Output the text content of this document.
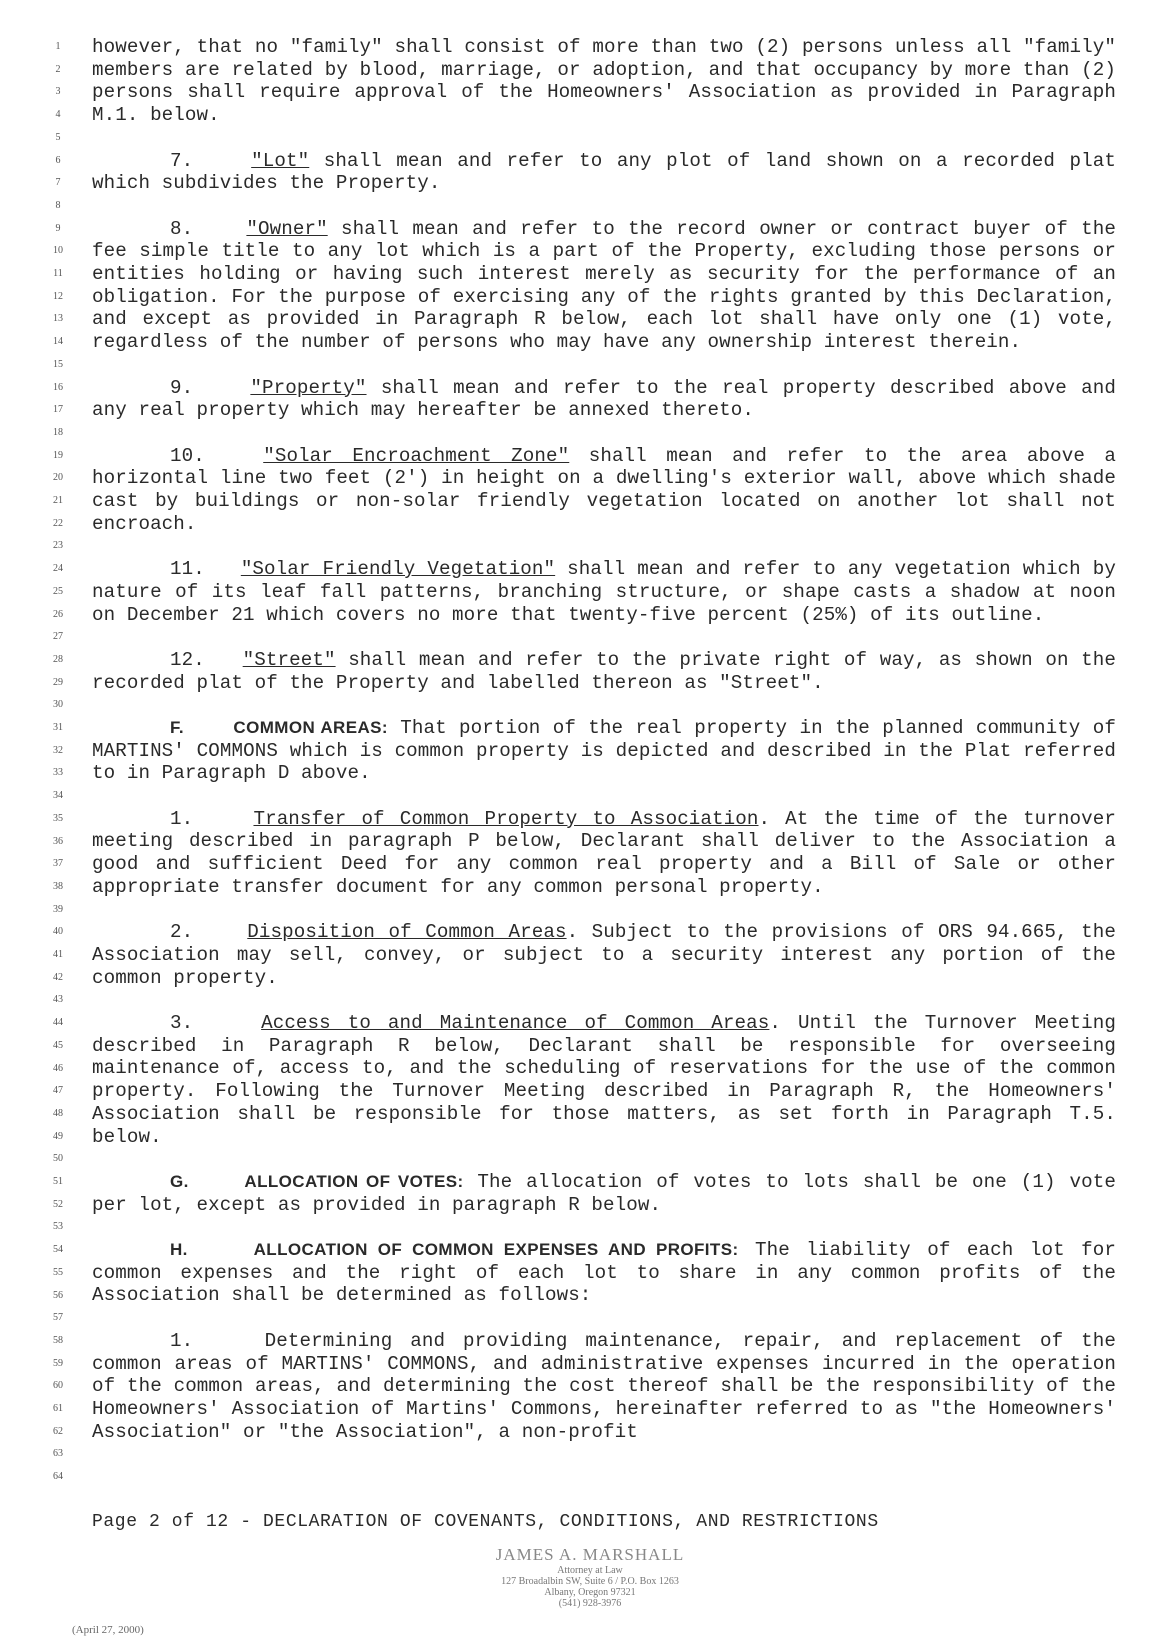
1
2
3
4
5
6
7
8
9
10
11
12
13
14
15
16
17
18
19
20
21
22
23
24
25
26
27
28
29
30
31
32
33
34
35
36
37
38
39
40
41
42
43
44
45
46
47
48
49
50
51
52
53
54
55
56
57
58
59
60
61
62
63
64

however, that no "family" shall consist of more than two (2) persons unless all "family" members are related by blood, marriage, or adoption, and that occupancy by more than (2) persons shall require approval of the Homeowners' Association as provided in Paragraph M.1. below.

7.	"Lot" shall mean and refer to any plot of land shown on a recorded plat which subdivides the Property.

8.	"Owner" shall mean and refer to the record owner or contract buyer of the fee simple title to any lot which is a part of the Property, excluding those persons or entities holding or having such interest merely as security for the performance of an obligation. For the purpose of exercising any of the rights granted by this Declaration, and except as provided in Paragraph R below, each lot shall have only one (1) vote, regardless of the number of persons who may have any ownership interest therein.

9.	"Property" shall mean and refer to the real property described above and any real property which may hereafter be annexed thereto.

10.	"Solar Encroachment Zone" shall mean and refer to the area above a horizontal line two feet (2') in height on a dwelling's exterior wall, above which shade cast by buildings or non-solar friendly vegetation located on another lot shall not encroach.

11. "Solar Friendly Vegetation" shall mean and refer to any vegetation which by nature of its leaf fall patterns, branching structure, or shape casts a shadow at noon on December 21 which covers no more that twenty-five percent (25%) of its outline.

12. "Street" shall mean and refer to the private right of way, as shown on the recorded plat of the Property and labelled thereon as "Street".

F.	COMMON AREAS: That portion of the real property in the planned community of MARTINS' COMMONS which is common property is depicted and described in the Plat referred to in Paragraph D above.

1.	Transfer of Common Property to Association. At the time of the turnover meeting described in paragraph P below, Declarant shall deliver to the Association a good and sufficient Deed for any common real property and a Bill of Sale or other appropriate transfer document for any common personal property.

2.	Disposition of Common Areas. Subject to the provisions of ORS 94.665, the Association may sell, convey, or subject to a security interest any portion of the common property.

3.	Access to and Maintenance of Common Areas. Until the Turnover Meeting described in Paragraph R below, Declarant shall be responsible for overseeing maintenance of, access to, and the scheduling of reservations for the use of the common property. Following the Turnover Meeting described in Paragraph R, the Homeowners' Association shall be responsible for those matters, as set forth in Paragraph T.5. below.

G.	ALLOCATION OF VOTES: The allocation of votes to lots shall be one (1) vote per lot, except as provided in paragraph R below.

H.	ALLOCATION OF COMMON EXPENSES AND PROFITS: The liability of each lot for common expenses and the right of each lot to share in any common profits of the Association shall be determined as follows:

1.	Determining and providing maintenance, repair, and replacement of the common areas of MARTINS' COMMONS, and administrative expenses incurred in the operation of the common areas, and determining the cost thereof shall be the responsibility of the Homeowners' Association of Martins' Commons, hereinafter referred to as "the Homeowners' Association" or "the Association", a non-profit

Page 2 of 12 - DECLARATION OF COVENANTS, CONDITIONS, AND RESTRICTIONS
JAMES A. MARSHALL
Attorney at Law
127 Broadalbin SW, Suite 6 / P.O. Box 1263
Albany, Oregon 97321
(541) 928-3976
(April 27, 2000)
